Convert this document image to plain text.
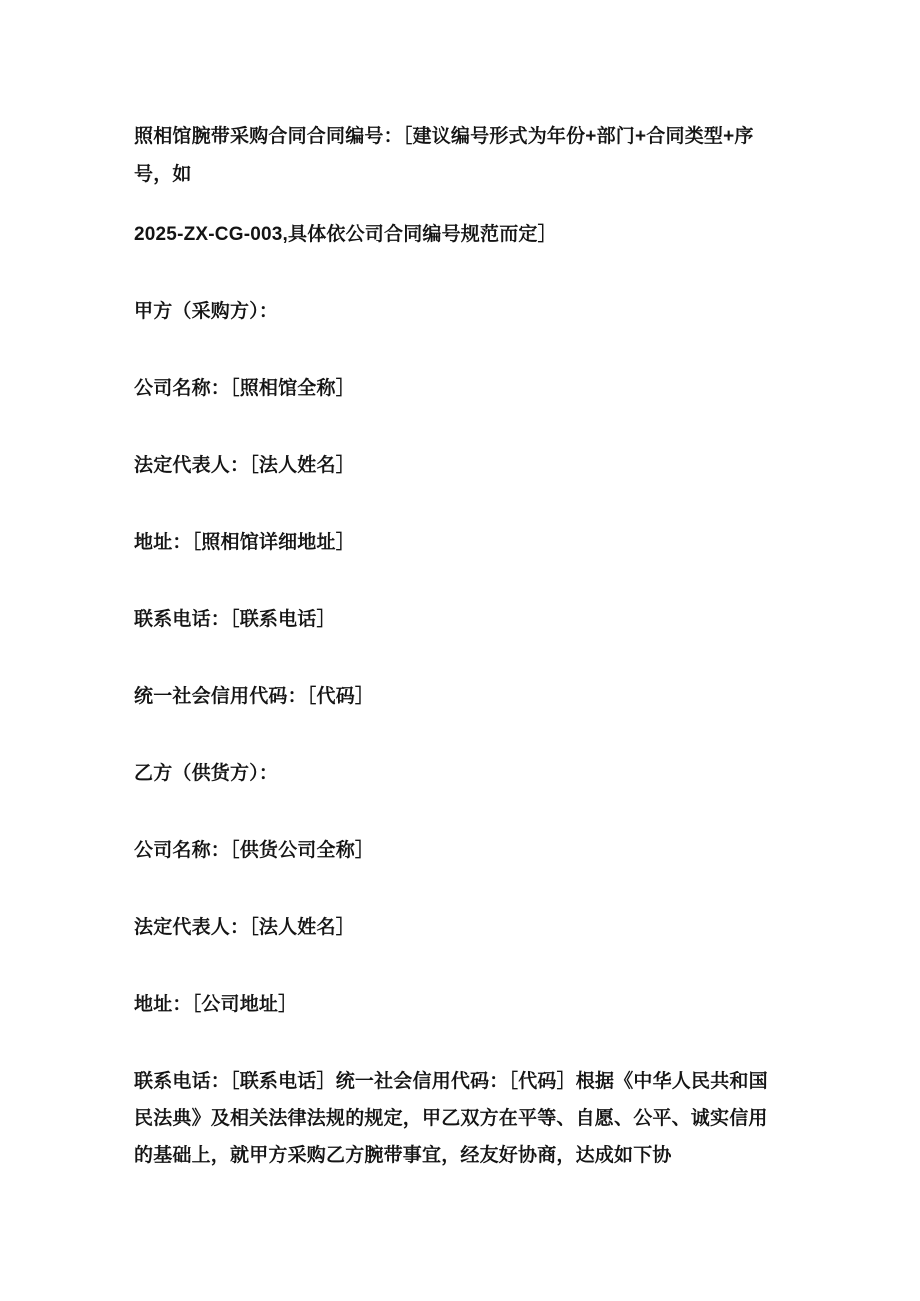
照相馆腕带采购合同合同编号：［建议编号形式为年份+部门+合同类型+序号，如

2025-ZX-CG-003,具体依公司合同编号规范而定］

甲方（采购方）：

公司名称：［照相馆全称］

法定代表人：［法人姓名］

地址：［照相馆详细地址］

联系电话：［联系电话］

统一社会信用代码：［代码］

乙方（供货方）：

公司名称：［供货公司全称］

法定代表人：［法人姓名］

地址：［公司地址］

联系电话：［联系电话］统一社会信用代码：［代码］根据《中华人民共和国民法典》及相关法律法规的规定，甲乙双方在平等、自愿、公平、诚实信用的基础上，就甲方采购乙方腕带事宜，经友好协商，达成如下协
